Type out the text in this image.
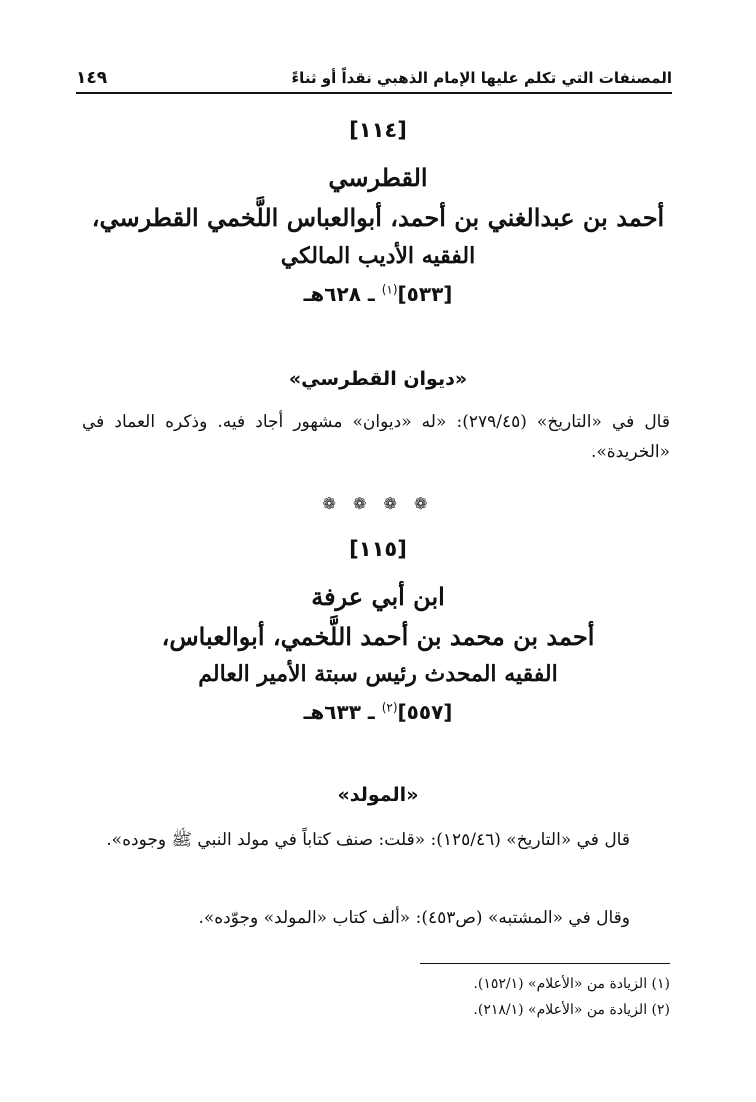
المصنفات التي تكلم عليها الإمام الذهبي نقداً أو ثناءً
١٤٩
[١١٤]
القطرسي
أحمد بن عبدالغني بن أحمد، أبوالعباس اللَّخمي القطرسي،
الفقيه الأديب المالكي
[٥٣٣]$^{(١)}$ ـ ٦٢٨هـ
«ديوان القطرسي»
قال في «التاريخ» (٢٧٩/٤٥): «له «ديوان» مشهور أجاد فيه. وذكره العماد في «الخريدة».
❁ ❁ ❁ ❁
[١١٥]
ابن أبي عرفة
أحمد بن محمد بن أحمد اللَّخمي، أبوالعباس،
الفقيه المحدث رئيس سبتة الأمير العالم
[٥٥٧]$^{(٢)}$ ـ ٦٣٣هـ
«المولد»
قال في «التاريخ» (١٢٥/٤٦): «قلت: صنف كتاباً في مولد النبي ﷺ وجوده».
وقال في «المشتبه» (ص٤٥٣): «ألف كتاب «المولد» وجوّده».
(١) الزيادة من «الأعلام» (١٥٢/١).
(٢) الزيادة من «الأعلام» (٢١٨/١).
